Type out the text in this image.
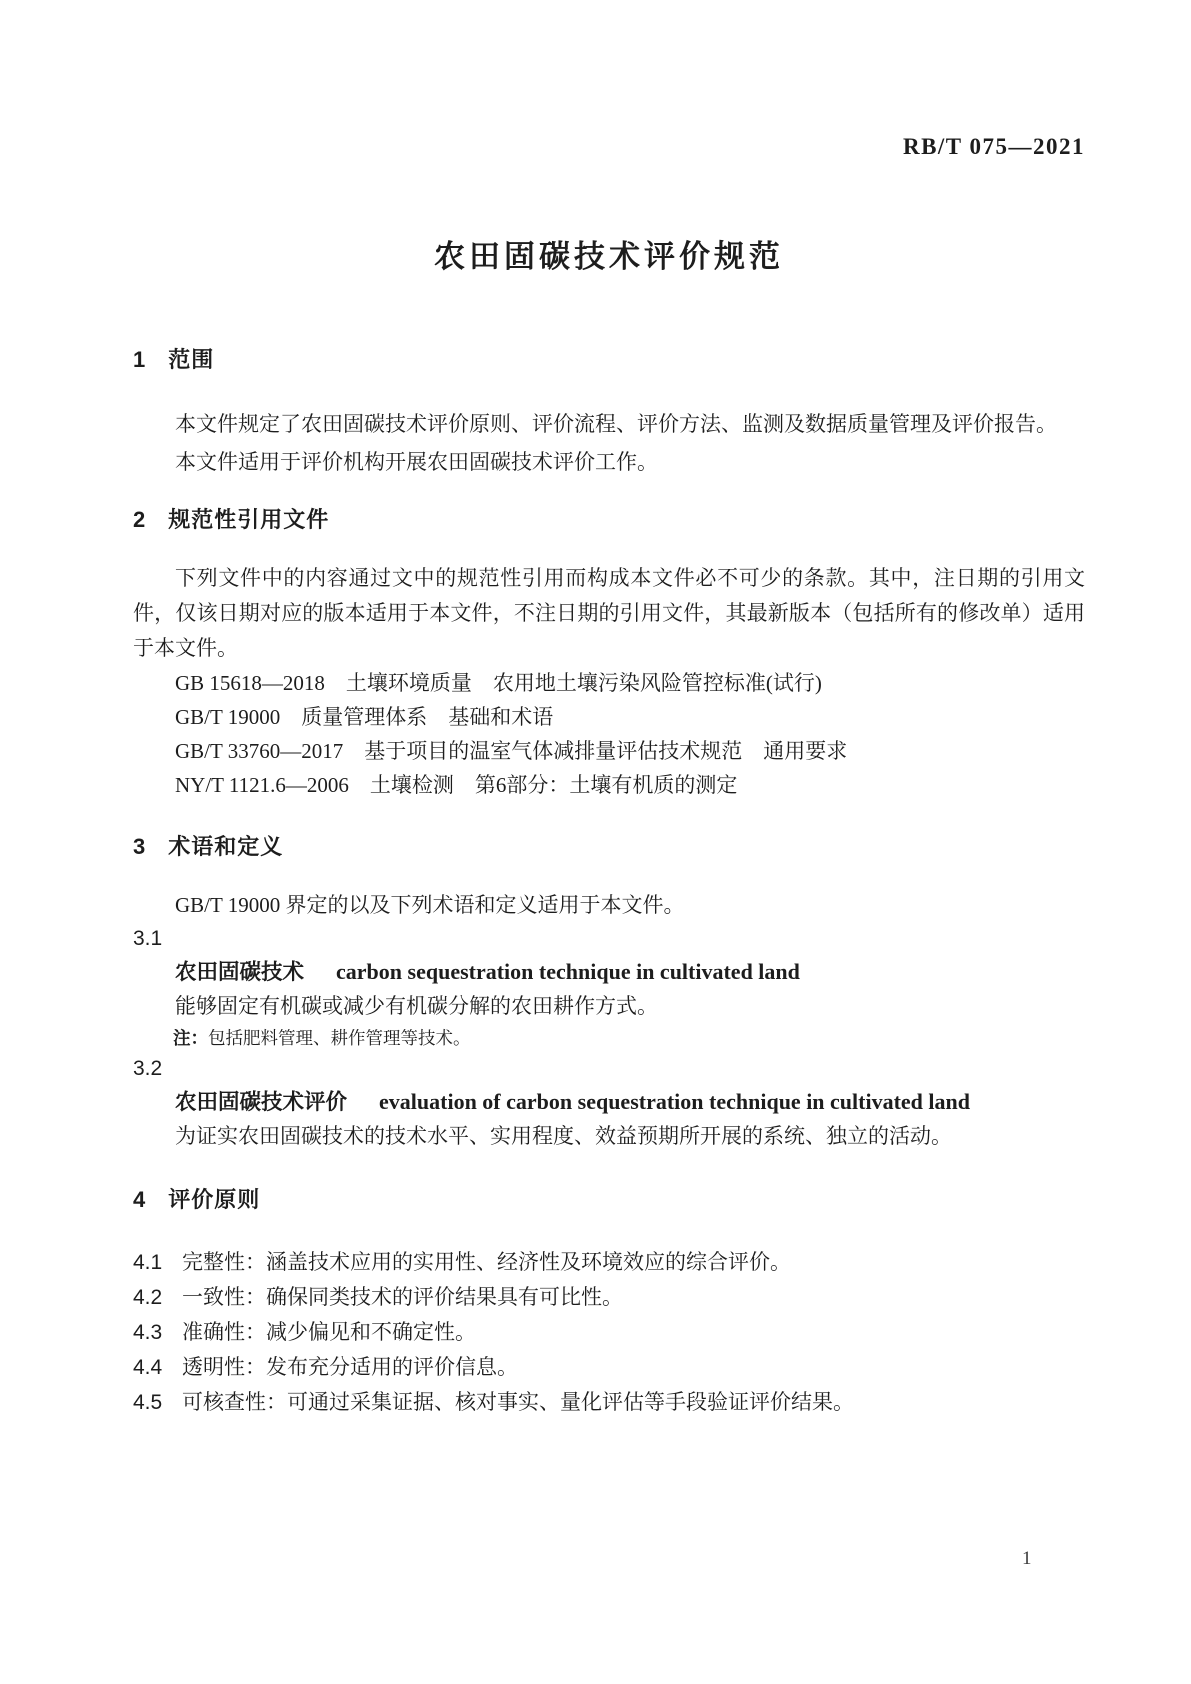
RB/T 075—2021
农田固碳技术评价规范
1 范围

本文件规定了农田固碳技术评价原则、评价流程、评价方法、监测及数据质量管理及评价报告。

本文件适用于评价机构开展农田固碳技术评价工作。

2 规范性引用文件

下列文件中的内容通过文中的规范性引用而构成本文件必不可少的条款。其中，注日期的引用文件，仅该日期对应的版本适用于本文件，不注日期的引用文件，其最新版本（包括所有的修改单）适用于本文件。

GB 15618—2018　土壤环境质量　农用地土壤污染风险管控标准(试行)
GB/T 19000　质量管理体系　基础和术语
GB/T 33760—2017　基于项目的温室气体减排量评估技术规范　通用要求
NY/T 1121.6—2006　土壤检测　第6部分：土壤有机质的测定
3 术语和定义

GB/T 19000 界定的以及下列术语和定义适用于本文件。

3.1
农田固碳技术 carbon sequestration technique in cultivated land
能够固定有机碳或减少有机碳分解的农田耕作方式。
注：包括肥料管理、耕作管理等技术。
3.2
农田固碳技术评价 evaluation of carbon sequestration technique in cultivated land
为证实农田固碳技术的技术水平、实用程度、效益预期所开展的系统、独立的活动。
4 评价原则
4.1 完整性：涵盖技术应用的实用性、经济性及环境效应的综合评价。
4.2 一致性：确保同类技术的评价结果具有可比性。
4.3 准确性：减少偏见和不确定性。
4.4 透明性：发布充分适用的评价信息。
4.5 可核查性：可通过采集证据、核对事实、量化评估等手段验证评价结果。
1
